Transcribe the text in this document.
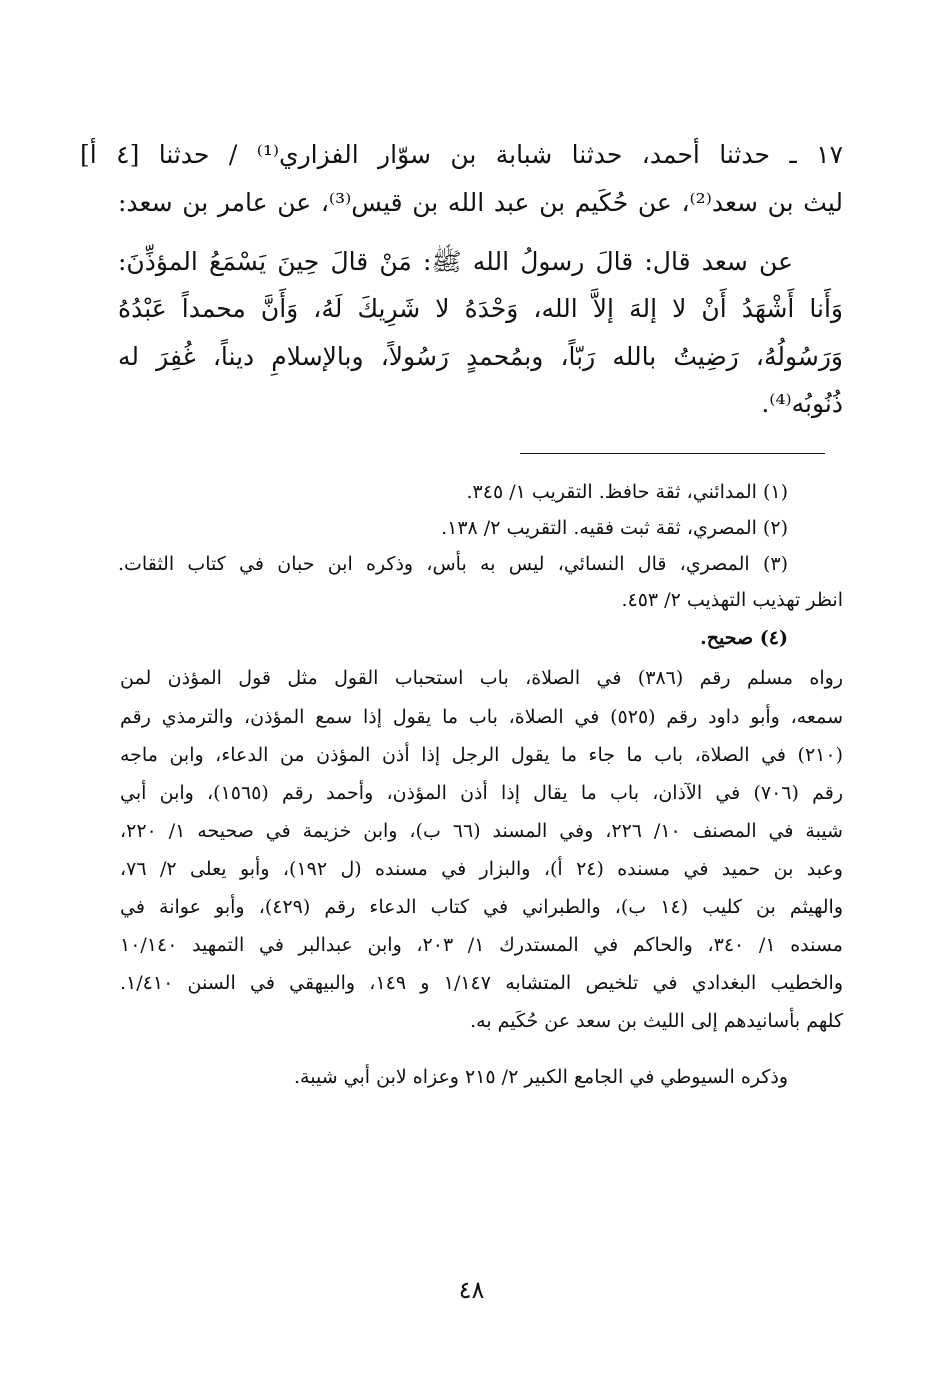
١٧ ـ حدثنا أحمد، حدثنا شبابة بن سوّار الفزاري⁽¹⁾ / حدثنا [٤ أ]
ليث بن سعد⁽²⁾، عن حُكَيم بن عبد الله بن قيس⁽³⁾، عن عامر بن سعد:
عن سعد قال: قالَ رسولُ الله ﷺ: مَنْ قالَ حِينَ يَسْمَعُ المؤذِّنَ:
وَأَنا أَشْهَدُ أَنْ لا إلهَ إلاَّ الله، وَحْدَهُ لا شَرِيكَ لَهُ، وَأَنَّ محمداً عَبْدُهُ
وَرَسُولُهُ، رَضِيتُ بالله رَبّاً، وبمُحمدٍ رَسُولاً، وبالإسلامِ ديناً، غُفِرَ له
ذُنُوبُه⁽⁴⁾.
(١) المدائني، ثقة حافظ. التقريب ١/ ٣٤٥.
(٢) المصري، ثقة ثبت فقيه. التقريب ٢/ ١٣٨.
(٣) المصري، قال النسائي، ليس به بأس، وذكره ابن حبان في كتاب الثقات.
انظر تهذيب التهذيب ٢/ ٤٥٣.
(٤) صحيح.
رواه مسلم رقم (٣٨٦) في الصلاة، باب استحباب القول مثل قول المؤذن لمن
سمعه، وأبو داود رقم (٥٢٥) في الصلاة، باب ما يقول إذا سمع المؤذن، والترمذي رقم
(٢١٠) في الصلاة، باب ما جاء ما يقول الرجل إذا أذن المؤذن من الدعاء، وابن ماجه
رقم (٧٠٦) في الآذان، باب ما يقال إذا أذن المؤذن، وأحمد رقم (١٥٦٥)، وابن أبي
شيبة في المصنف ١٠/ ٢٢٦، وفي المسند (٦٦ ب)، وابن خزيمة في صحيحه ١/ ٢٢٠،
وعبد بن حميد في مسنده (٢٤ أ)، والبزار في مسنده (ل ١٩٢)، وأبو يعلى ٢/ ٧٦،
والهيثم بن كليب (١٤ ب)، والطبراني في كتاب الدعاء رقم (٤٢٩)، وأبو عوانة في
مسنده ١/ ٣٤٠، والحاكم في المستدرك ١/ ٢٠٣، وابن عبدالبر في التمهيد ١٠/١٤٠
والخطيب البغدادي في تلخيص المتشابه ١/١٤٧ و ١٤٩، والبيهقي في السنن ١/٤١٠.
كلهم بأسانيدهم إلى الليث بن سعد عن حُكَيم به.
وذكره السيوطي في الجامع الكبير ٢/ ٢١٥ وعزاه لابن أبي شيبة.
٤٨
